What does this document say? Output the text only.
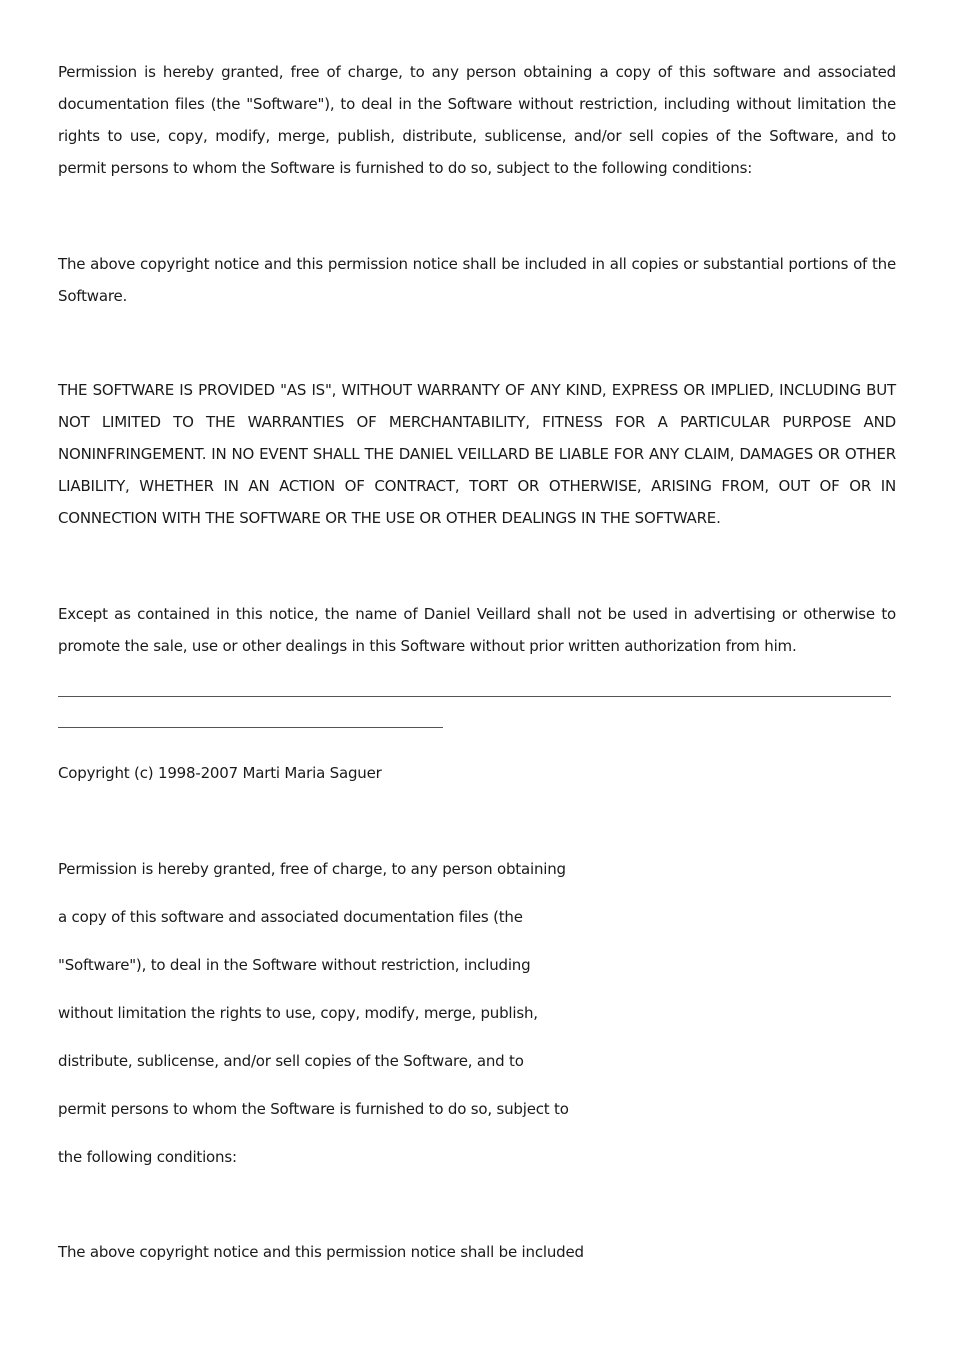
Permission is hereby granted, free of charge, to any person obtaining a copy of this software and associated documentation files (the "Software"), to deal in the Software without restriction, including without limitation the rights to use, copy, modify, merge, publish, distribute, sublicense, and/or sell copies of the Software, and to permit persons to whom the Software is furnished to do so, subject to the following conditions:

The above copyright notice and this permission notice shall be included in all copies or substantial portions of the Software.

THE SOFTWARE IS PROVIDED "AS IS", WITHOUT WARRANTY OF ANY KIND, EXPRESS OR IMPLIED, INCLUDING BUT NOT LIMITED TO THE WARRANTIES OF MERCHANTABILITY, FITNESS FOR A PARTICULAR PURPOSE AND NONINFRINGEMENT. IN NO EVENT SHALL THE DANIEL VEILLARD BE LIABLE FOR ANY CLAIM, DAMAGES OR OTHER LIABILITY, WHETHER IN AN ACTION OF CONTRACT, TORT OR OTHERWISE, ARISING FROM, OUT OF OR IN CONNECTION WITH THE SOFTWARE OR THE USE OR OTHER DEALINGS IN THE SOFTWARE.

Except as contained in this notice, the name of Daniel Veillard shall not be used in advertising or otherwise to promote the sale, use or other dealings in this Software without prior written authorization from him.

Copyright (c) 1998-2007 Marti Maria Saguer

Permission is hereby granted, free of charge, to any person obtaining

a copy of this software and associated documentation files (the

"Software"), to deal in the Software without restriction, including

without limitation the rights to use, copy, modify, merge, publish,

distribute, sublicense, and/or sell copies of the Software, and to

permit persons to whom the Software is furnished to do so, subject to

the following conditions:

The above copyright notice and this permission notice shall be included
